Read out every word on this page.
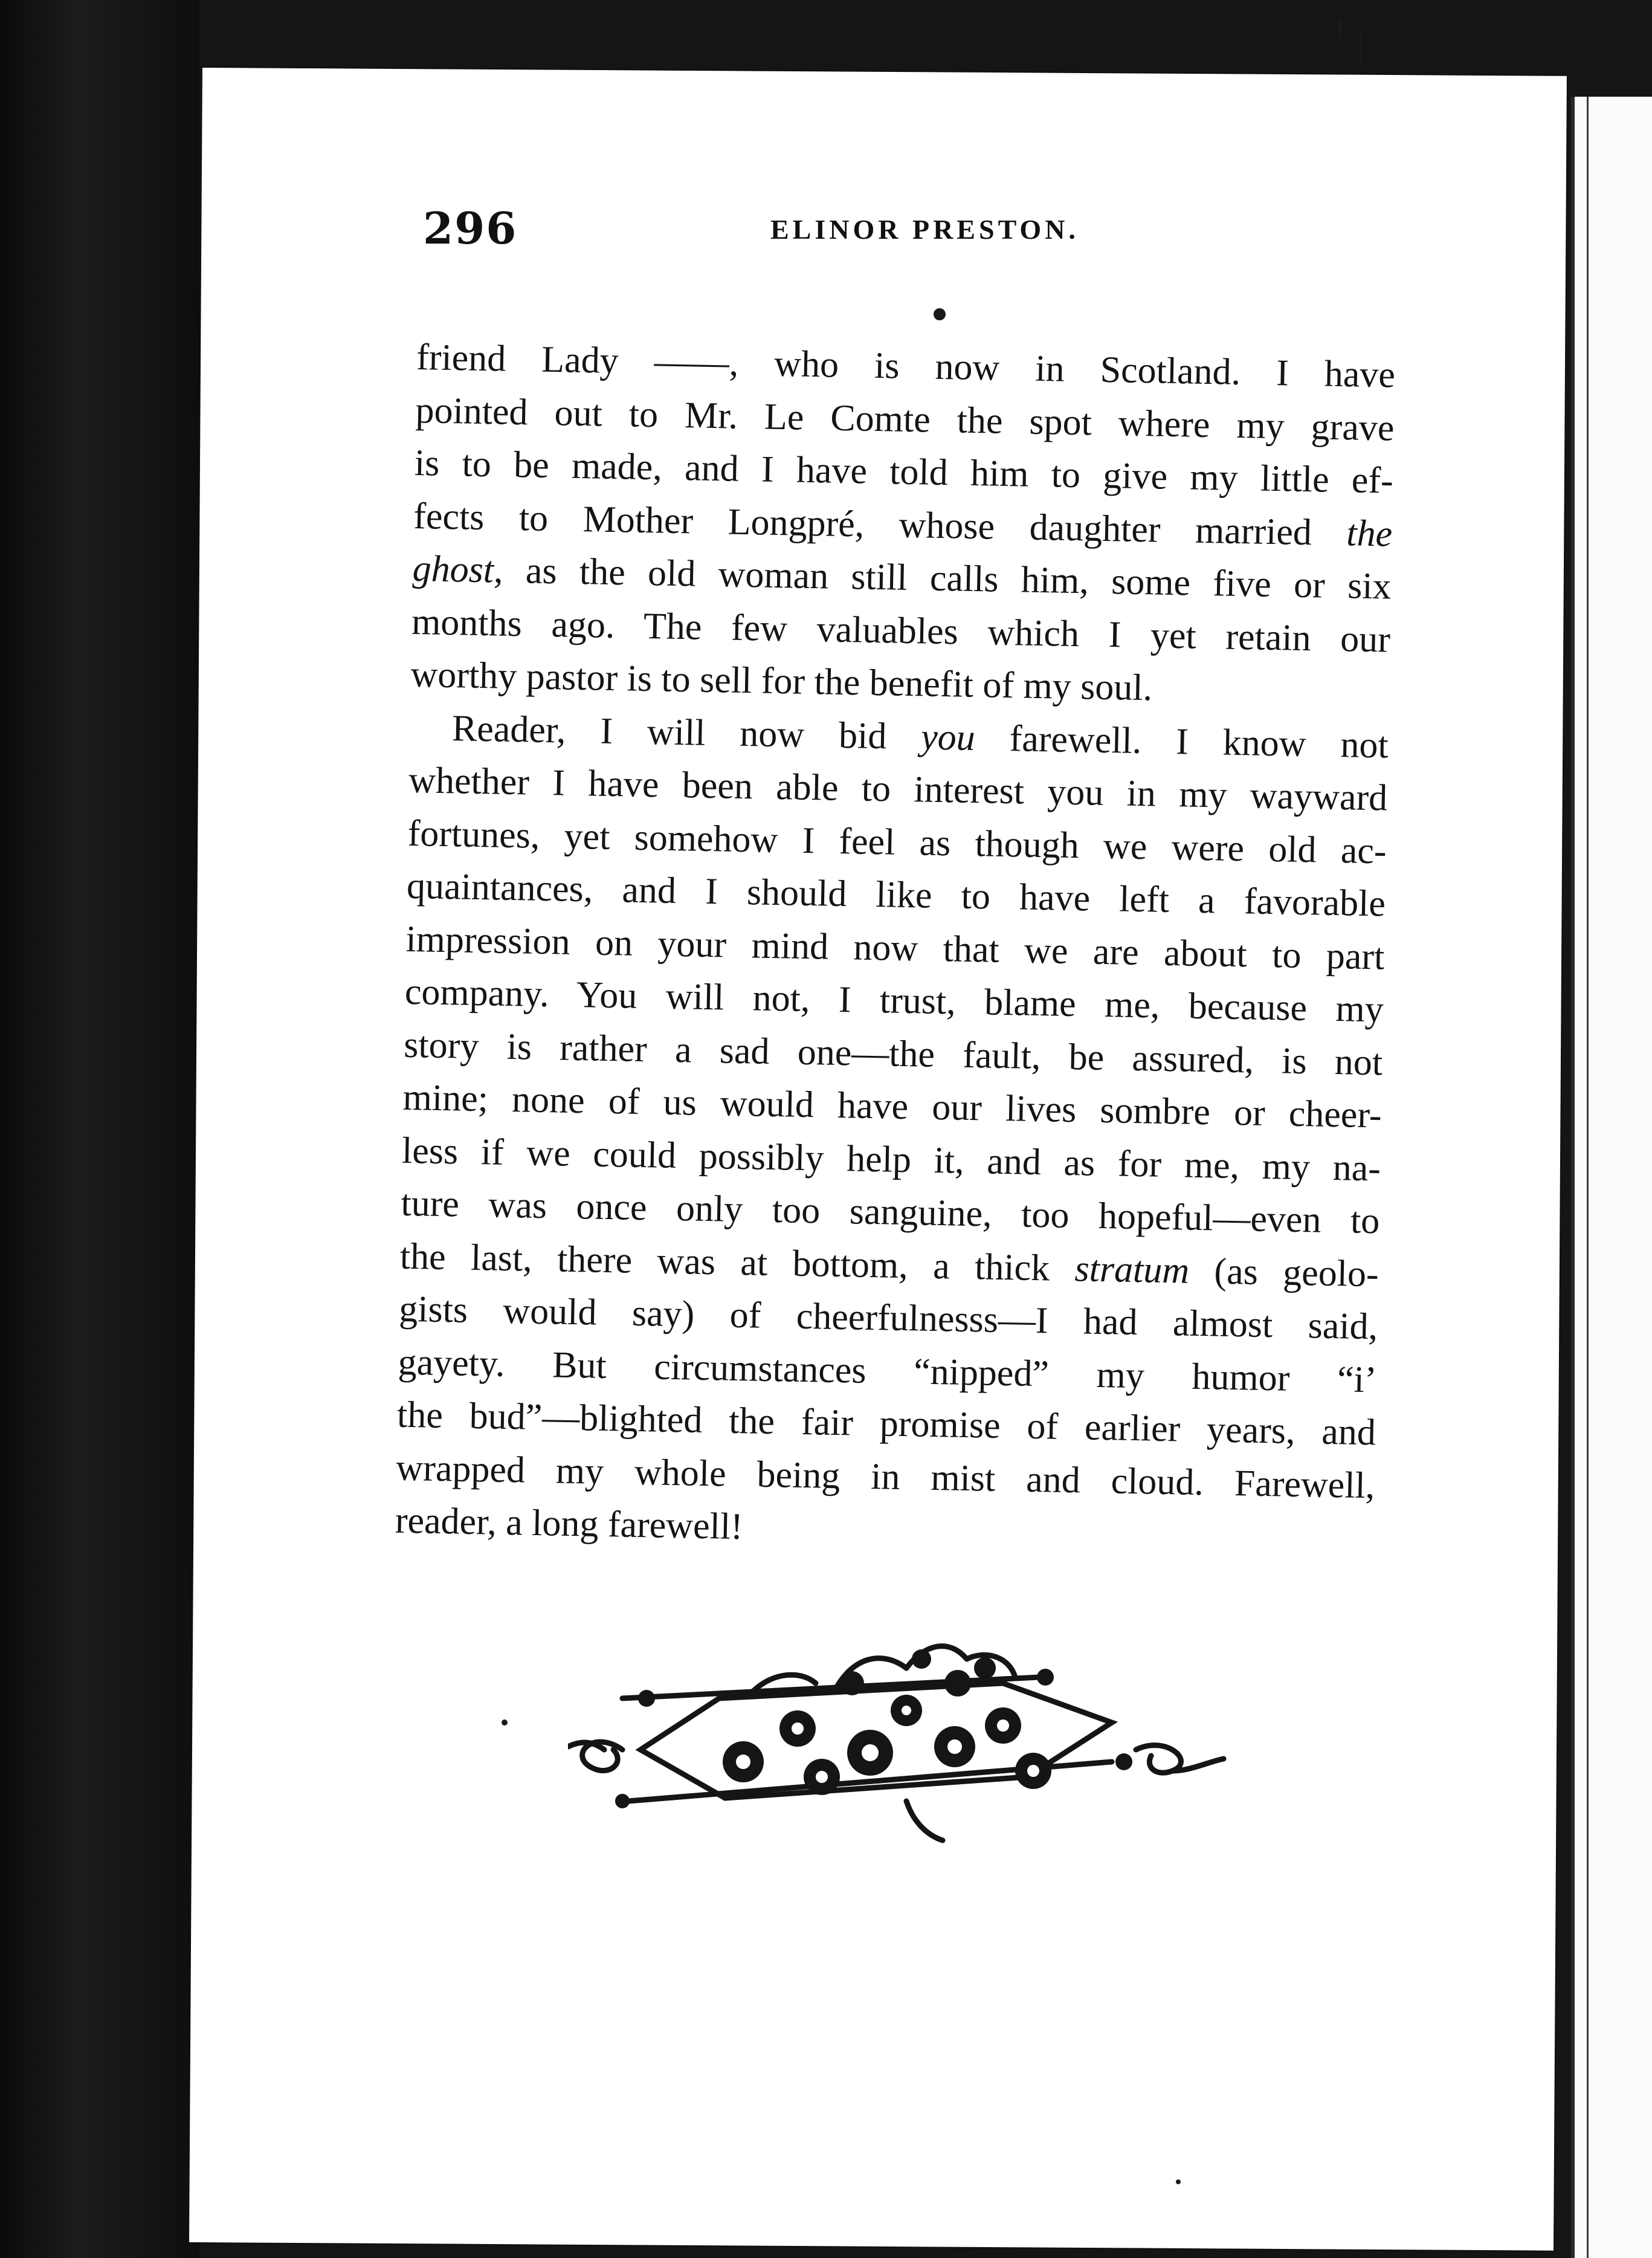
296	ELINOR PRESTON.
friend Lady ——, who is now in Scotland. I have
pointed out to Mr. Le Comte the spot where my grave
is to be made, and I have told him to give my little ef-
fects to Mother Longpré, whose daughter married the
ghost, as the old woman still calls him, some five or six
months ago. The few valuables which I yet retain our
worthy pastor is to sell for the benefit of my soul.
Reader, I will now bid you farewell. I know not
whether I have been able to interest you in my wayward
fortunes, yet somehow I feel as though we were old ac-
quaintances, and I should like to have left a favorable
impression on your mind now that we are about to part
company. You will not, I trust, blame me, because my
story is rather a sad one—the fault, be assured, is not
mine; none of us would have our lives sombre or cheer-
less if we could possibly help it, and as for me, my na-
ture was once only too sanguine, too hopeful—even to
the last, there was at bottom, a thick stratum (as geolo-
gists would say) of cheerfulnesss—I had almost said,
gayety. But circumstances “nipped” my humor “i’
the bud”—blighted the fair promise of earlier years, and
wrapped my whole being in mist and cloud. Farewell,
reader, a long farewell!
